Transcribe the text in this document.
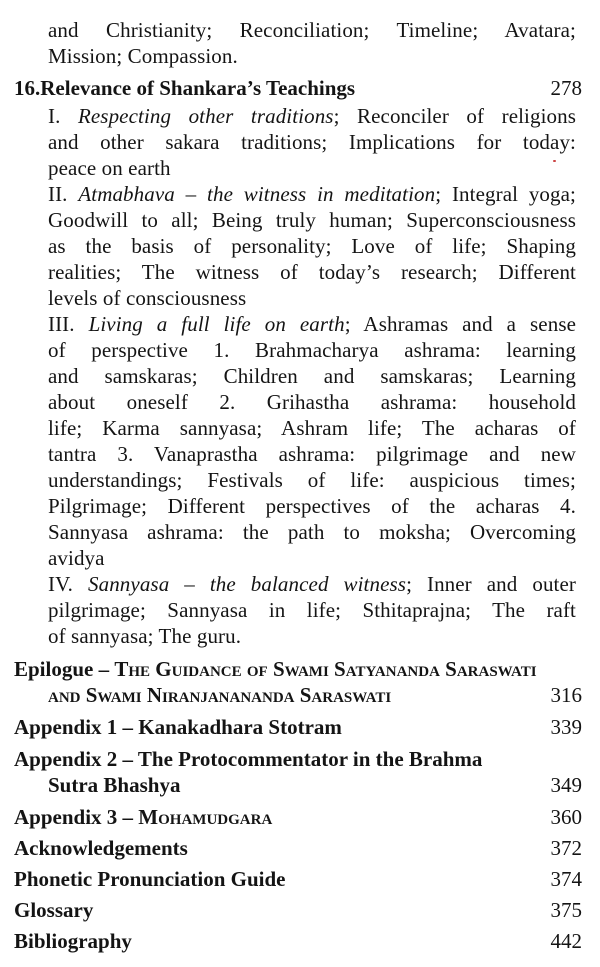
and Christianity; Reconciliation; Timeline; Avatara;
Mission; Compassion.
16.Relevance of Shankara’s Teachings	278
I. Respecting other traditions; Reconciler of religions
and other sakara traditions; Implications for today:
peace on earth
II. Atmabhava – the witness in meditation; Integral yoga;
Goodwill to all; Being truly human; Superconsciousness
as the basis of personality; Love of life; Shaping
realities; The witness of today’s research; Different
levels of consciousness
III. Living a full life on earth; Ashramas and a sense
of perspective 1. Brahmacharya ashrama: learning
and samskaras; Children and samskaras; Learning
about oneself 2. Grihastha ashrama: household
life; Karma sannyasa; Ashram life; The acharas of
tantra 3. Vanaprastha ashrama: pilgrimage and new
understandings; Festivals of life: auspicious times;
Pilgrimage; Different perspectives of the acharas 4.
Sannyasa ashrama: the path to moksha; Overcoming
avidya
IV. Sannyasa – the balanced witness; Inner and outer
pilgrimage; Sannyasa in life; Sthitaprajna; The raft
of sannyasa; The guru.
Epilogue – The Guidance of Swami Satyananda Saraswati
and Swami Niranjanananda Saraswati	316
Appendix 1 – Kanakadhara Stotram	339
Appendix 2 – The Protocommentator in the Brahma
Sutra Bhashya	349
Appendix 3 – Mohamudgara	360
Acknowledgements	372
Phonetic Pronunciation Guide	374
Glossary	375
Bibliography	442
